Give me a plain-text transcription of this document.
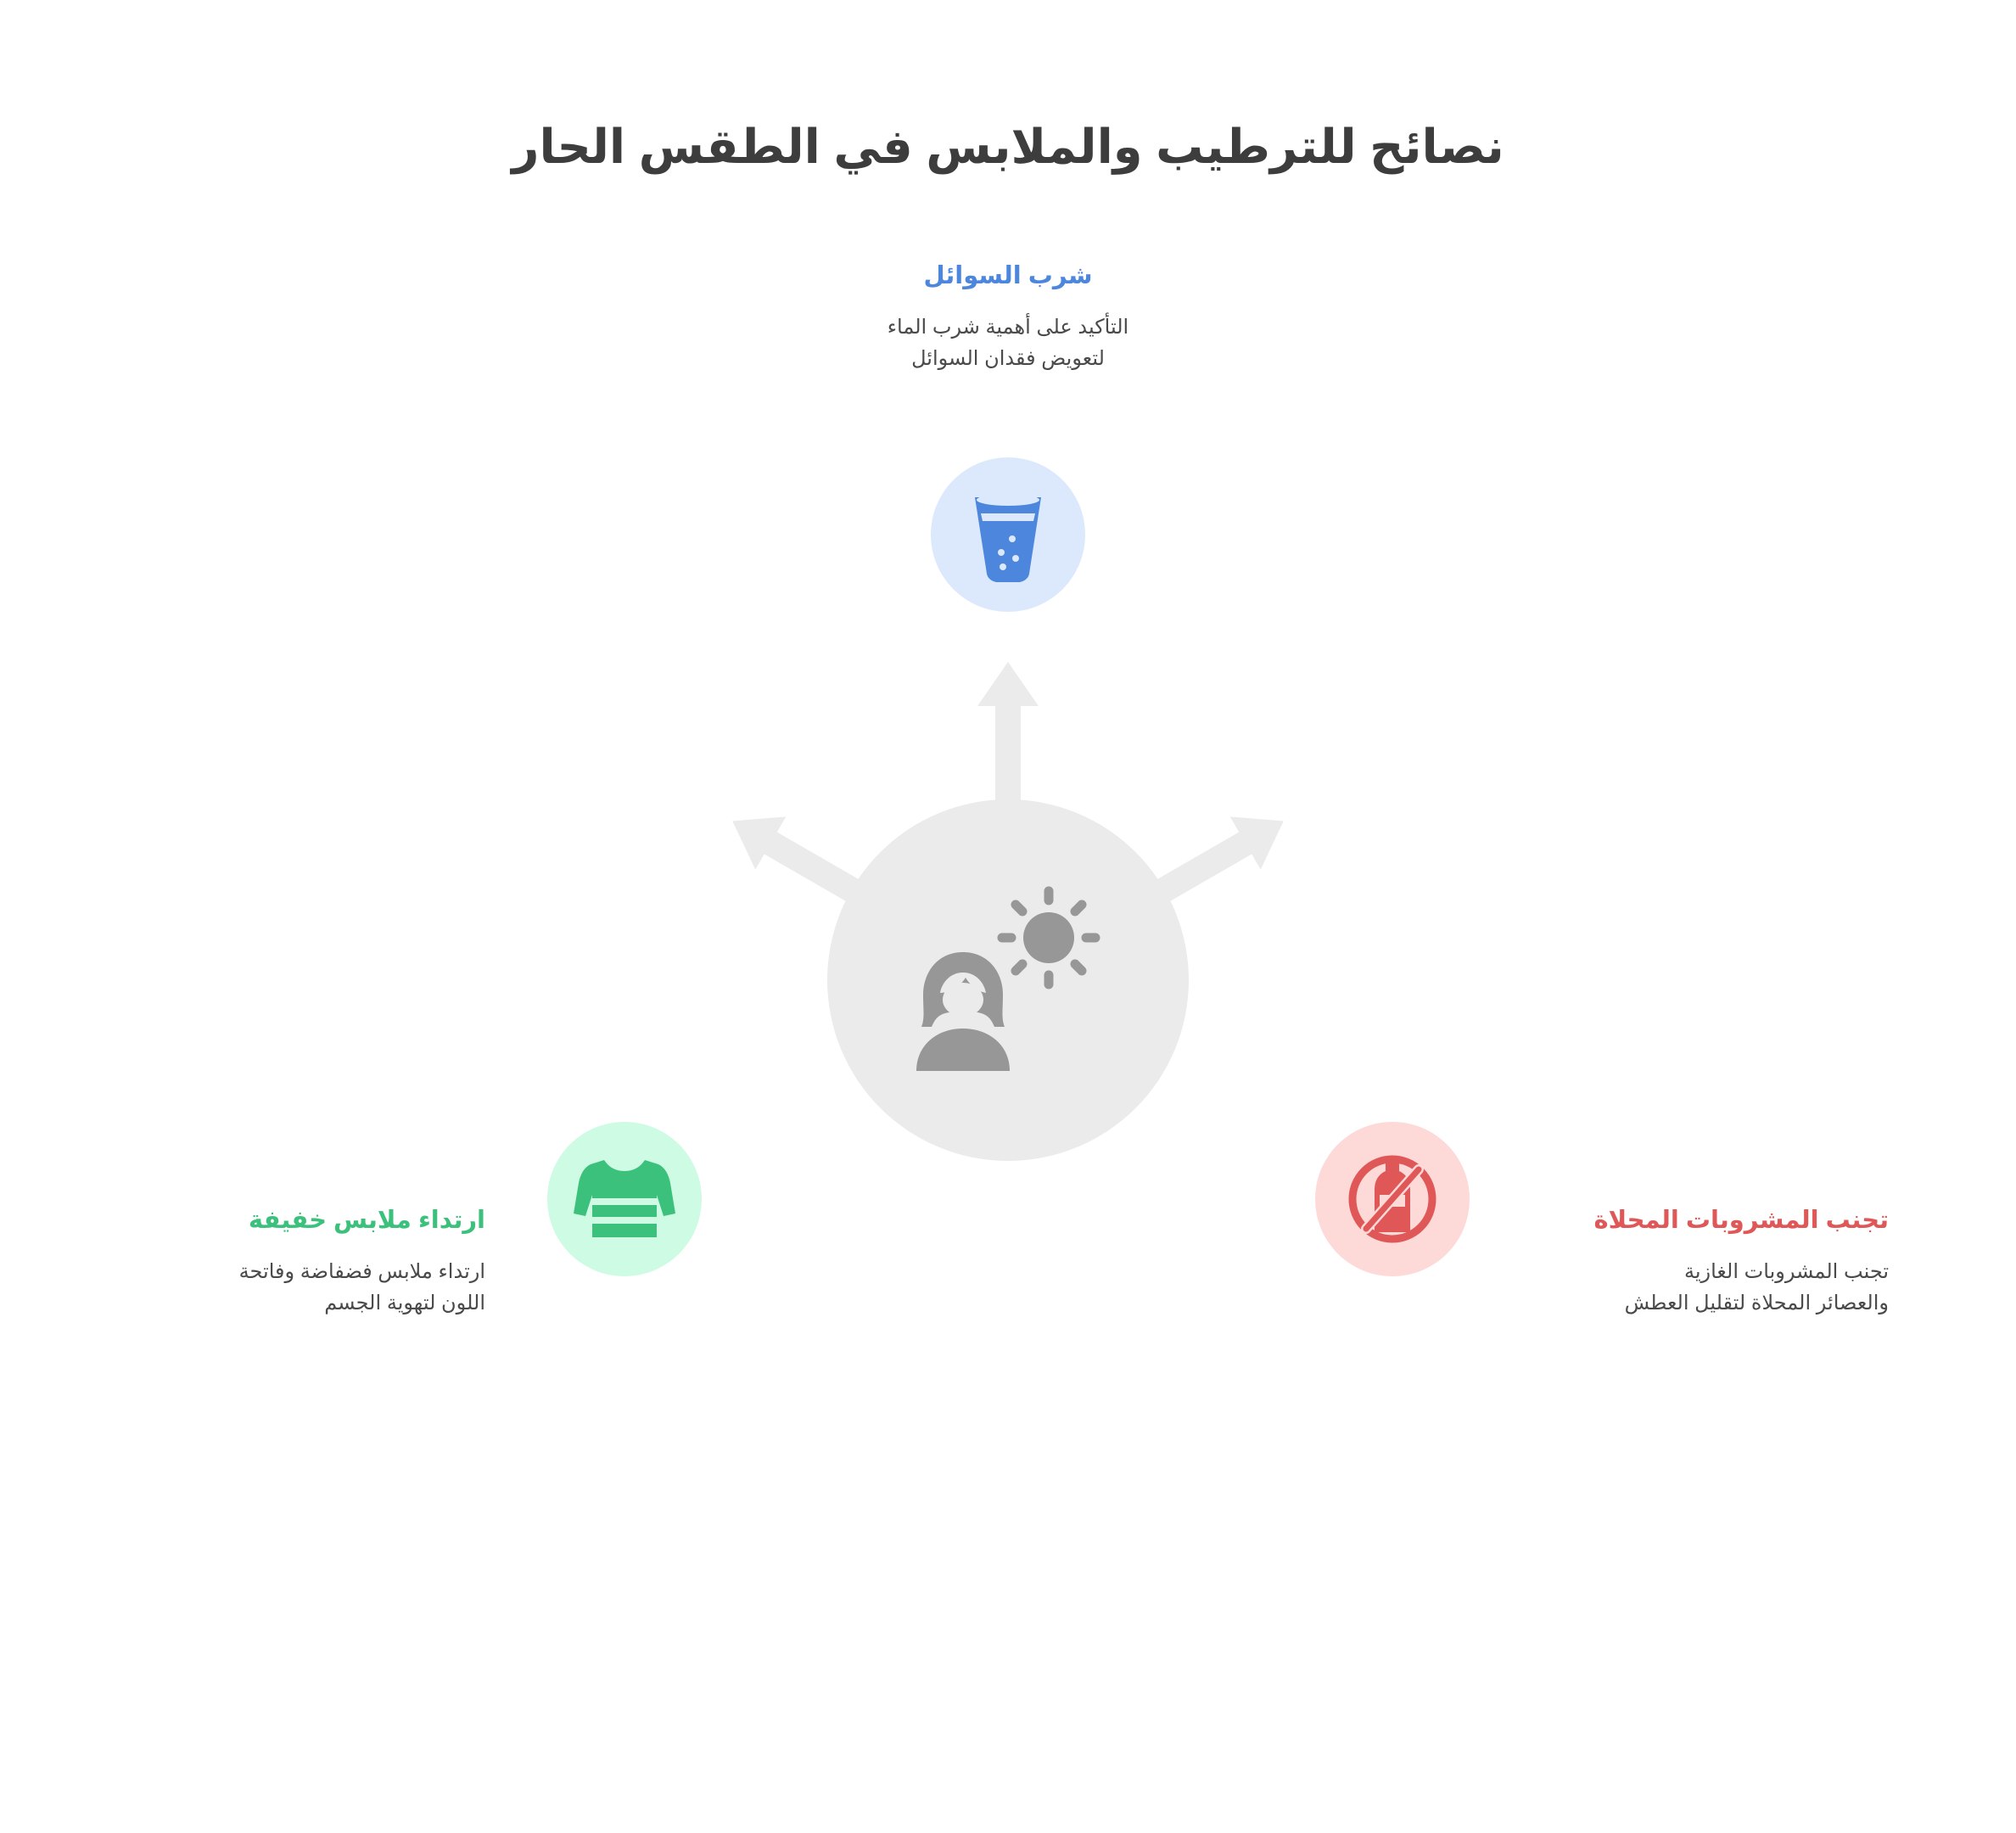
نصائح للترطيب والملابس في الطقس الحار

شرب السوائل

التأكيد على أهمية شرب الماء
لتعويض فقدان السوائل

ارتداء ملابس خفيفة

ارتداء ملابس فضفاضة وفاتحة
اللون لتهوية الجسم

تجنب المشروبات المحلاة

تجنب المشروبات الغازية
والعصائر المحلاة لتقليل العطش
